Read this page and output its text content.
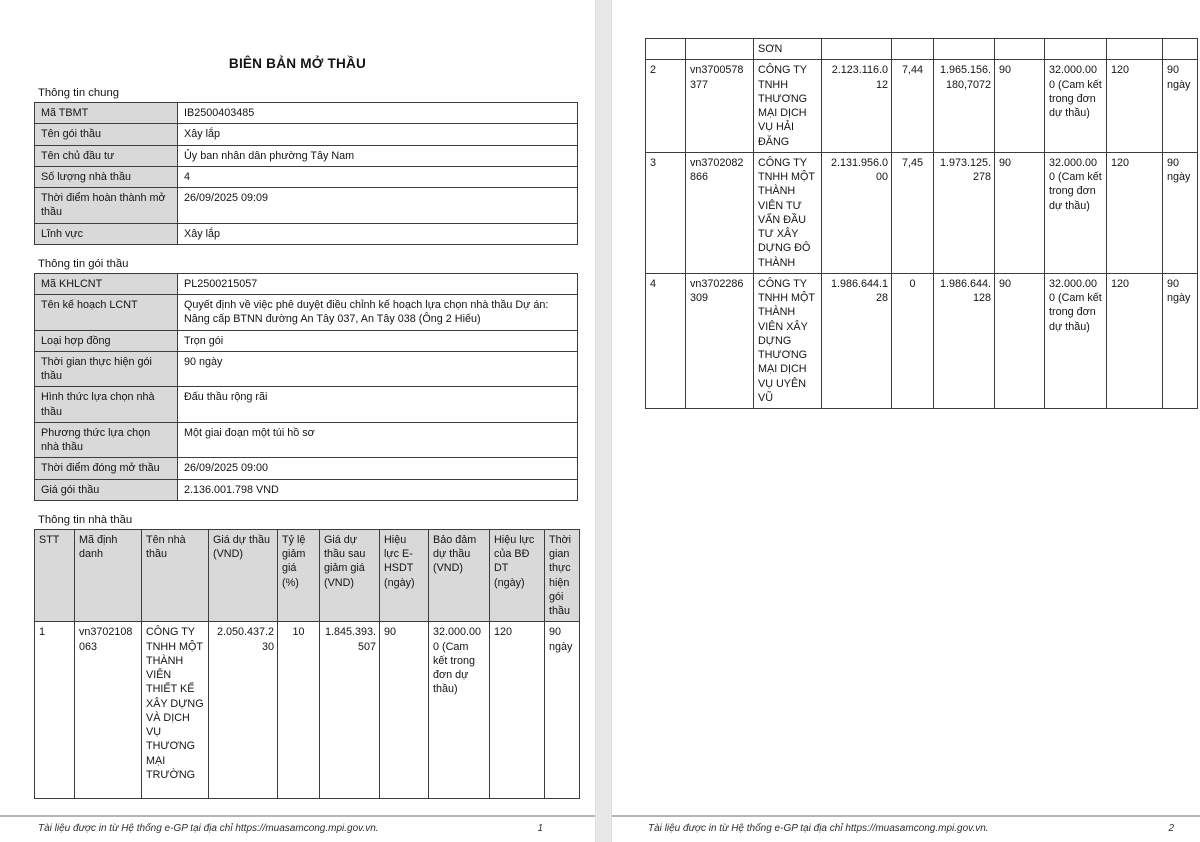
BIÊN BẢN MỞ THẦU
Thông tin chung
Mã TBMT	IB2500403485
Tên gói thầu	Xây lắp
Tên chủ đầu tư	Ủy ban nhân dân phường Tây Nam
Số lượng nhà thầu	4
Thời điểm hoàn thành mở thầu	26/09/2025 09:09
Lĩnh vực	Xây lắp
Thông tin gói thầu
Mã KHLCNT	PL2500215057
Tên kế hoạch LCNT	Quyết định về việc phê duyệt điều chỉnh kế hoạch lựa chọn nhà thầu Dự án: Nâng cấp BTNN đường An Tây 037, An Tây 038 (Ông 2 Hiếu)
Loại hợp đồng	Trọn gói
Thời gian thực hiện gói thầu	90 ngày
Hình thức lựa chọn nhà thầu	Đấu thầu rộng rãi
Phương thức lựa chọn nhà thầu	Một giai đoạn một túi hồ sơ
Thời điểm đóng mở thầu	26/09/2025 09:00
Giá gói thầu	2.136.001.798 VND
Thông tin nhà thầu
STT	Mã định danh	Tên nhà thầu	Giá dự thầu (VND)	Tỷ lệ giảm giá (%)	Giá dự thầu sau giảm giá (VND)	Hiệu lực E-HSDT (ngày)	Bảo đảm dự thầu (VND)	Hiệu lực của BĐ DT (ngày)	Thời gian thực hiện gói thầu
1	vn3702108063	CÔNG TY TNHH MỘT THÀNH VIÊN THIẾT KẾ XÂY DỰNG VÀ DỊCH VỤ THƯƠNG MẠI TRƯỜNG	2.050.437.230	10	1.845.393.507	90	32.000.000 (Cam kết trong đơn dự thầu)	120	90 ngày
Tài liệu được in từ Hệ thống e-GP tại địa chỉ https://muasamcong.mpi.gov.vn.	1
		SƠN							
2	vn3700578377	CÔNG TY TNHH THƯƠNG MẠI DỊCH VỤ HẢI ĐĂNG	2.123.116.012	7,44	1.965.156.180,7072	90	32.000.000 (Cam kết trong đơn dự thầu)	120	90 ngày
3	vn3702082866	CÔNG TY TNHH MỘT THÀNH VIÊN TƯ VẤN ĐẦU TƯ XÂY DỰNG ĐÔ THÀNH	2.131.956.000	7,45	1.973.125.278	90	32.000.000 (Cam kết trong đơn dự thầu)	120	90 ngày
4	vn3702286309	CÔNG TY TNHH MỘT THÀNH VIÊN XÂY DỰNG THƯƠNG MẠI DỊCH VỤ UYÊN VŨ	1.986.644.128	0	1.986.644.128	90	32.000.000 (Cam kết trong đơn dự thầu)	120	90 ngày
Tài liệu được in từ Hệ thống e-GP tại địa chỉ https://muasamcong.mpi.gov.vn.	2
